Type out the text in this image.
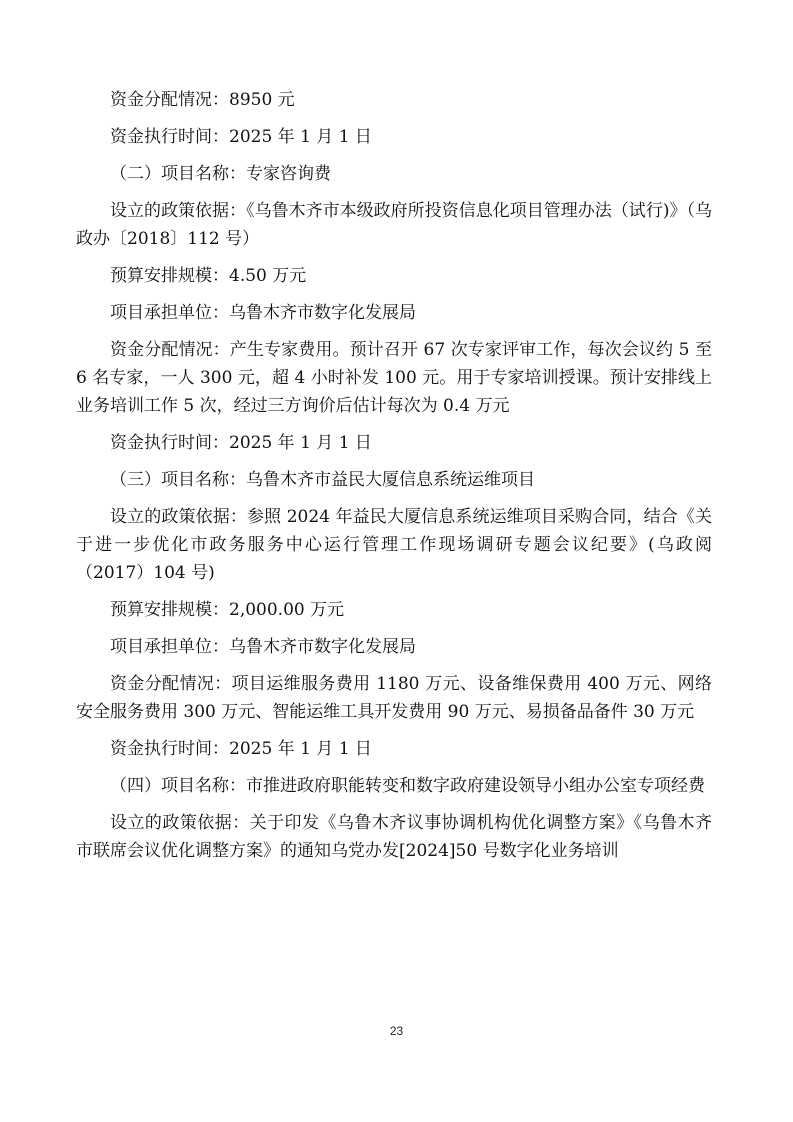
资金分配情况：8950 元

资金执行时间：2025 年 1 月 1 日

（二）项目名称：专家咨询费

设立的政策依据：《乌鲁木齐市本级政府所投资信息化项目管理办法（试行)》（乌政办〔2018〕112 号）

预算安排规模：4.50 万元

项目承担单位：乌鲁木齐市数字化发展局

资金分配情况：产生专家费用。预计召开 67 次专家评审工作，每次会议约 5 至 6 名专家，一人 300 元，超 4 小时补发 100 元。用于专家培训授课。预计安排线上业务培训工作 5 次，经过三方询价后估计每次为 0.4 万元

资金执行时间：2025 年 1 月 1 日

（三）项目名称：乌鲁木齐市益民大厦信息系统运维项目

设立的政策依据：参照 2024 年益民大厦信息系统运维项目采购合同，结合《关于进一步优化市政务服务中心运行管理工作现场调研专题会议纪要》(乌政阅（2017）104 号)

预算安排规模：2,000.00 万元

项目承担单位：乌鲁木齐市数字化发展局

资金分配情况：项目运维服务费用 1180 万元、设备维保费用 400 万元、网络安全服务费用 300 万元、智能运维工具开发费用 90 万元、易损备品备件 30 万元

资金执行时间：2025 年 1 月 1 日

（四）项目名称：市推进政府职能转变和数字政府建设领导小组办公室专项经费

设立的政策依据：关于印发《乌鲁木齐议事协调机构优化调整方案》《乌鲁木齐市联席会议优化调整方案》的通知乌党办发[2024]50 号数字化业务培训

23
